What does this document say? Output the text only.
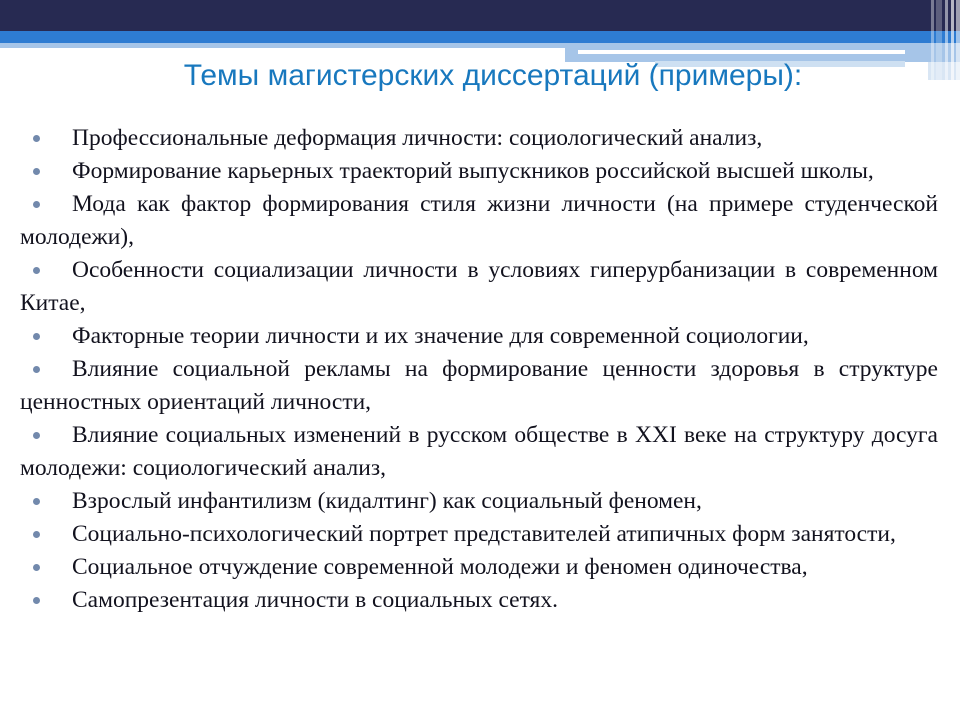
Темы магистерских диссертаций (примеры):
Профессиональные деформация личности: социологический анализ,
Формирование карьерных траекторий выпускников российской высшей школы,
Мода как фактор формирования стиля жизни личности (на примере студенческой молодежи),
Особенности социализации личности в условиях гиперурбанизации в современном Китае,
Факторные теории личности и их значение для современной социологии,
Влияние социальной рекламы на формирование ценности здоровья в структуре ценностных ориентаций личности,
Влияние социальных изменений в русском обществе в XXI веке на структуру досуга молодежи: социологический анализ,
Взрослый инфантилизм (кидалтинг) как социальный феномен,
Социально-психологический портрет представителей атипичных форм занятости,
Социальное отчуждение современной молодежи и феномен одиночества,
Самопрезентация личности в социальных сетях.
